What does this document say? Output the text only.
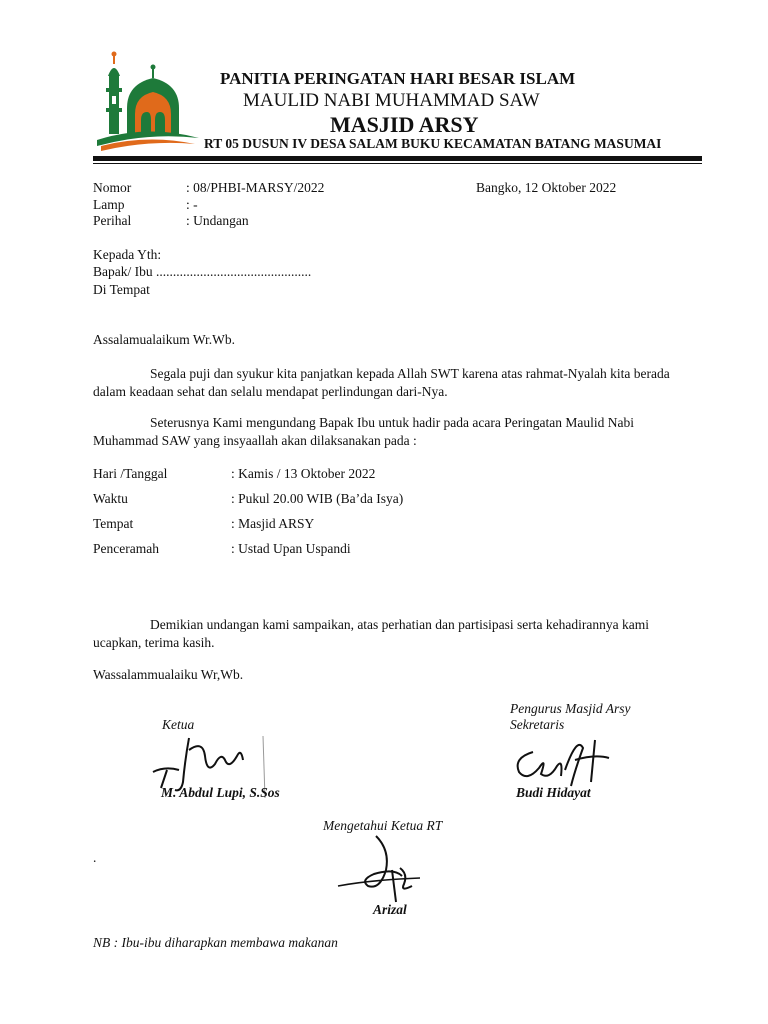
PANITIA PERINGATAN HARI BESAR ISLAM
MAULID NABI MUHAMMAD SAW
MASJID ARSY
RT 05 DUSUN IV DESA SALAM BUKU KECAMATAN BATANG MASUMAI
Nomor	: 08/PHBI-MARSY/2022	Bangko, 12 Oktober 2022
Lamp	: -
Perihal	: Undangan
Kepada Yth:
Bapak/ Ibu ..............................................
Di Tempat
Assalamualaikum Wr.Wb.
Segala puji dan syukur kita panjatkan kepada Allah SWT karena atas rahmat-Nyalah kita berada dalam keadaan sehat dan selalu mendapat perlindungan dari-Nya.
Seterusnya Kami mengundang Bapak Ibu untuk hadir pada acara Peringatan Maulid Nabi Muhammad SAW yang insyaallah akan dilaksanakan pada :
Hari /Tanggal	: Kamis / 13 Oktober 2022
Waktu	: Pukul 20.00 WIB (Ba’da Isya)
Tempat	: Masjid ARSY
Penceramah	: Ustad Upan Uspandi
Demikian undangan kami sampaikan, atas perhatian dan partisipasi serta kehadirannya kami ucapkan, terima kasih.
Wassalammualaiku Wr,Wb.
Pengurus Masjid Arsy
Ketua	Sekretaris
M. Abdul Lupi, S.Sos	Budi Hidayat
Mengetahui Ketua RT
.
Arizal
NB : Ibu-ibu diharapkan membawa makanan
